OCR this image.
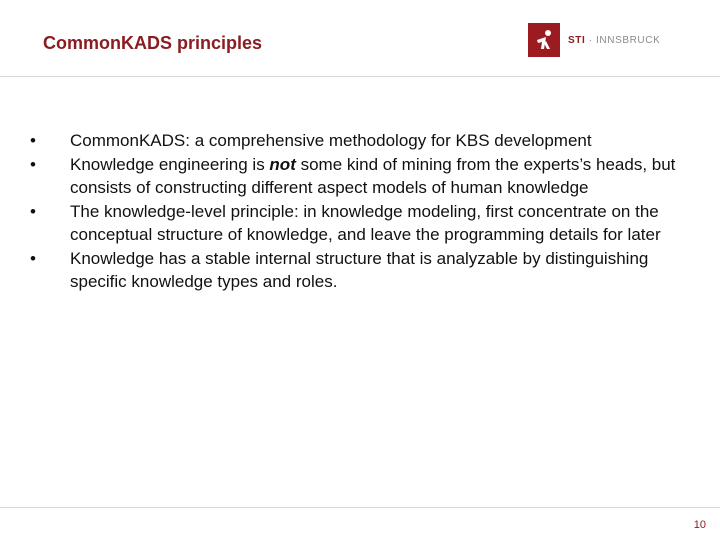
CommonKADS principles	STI · INNSBRUCK
• CommonKADS: a comprehensive methodology for KBS development
• Knowledge engineering is not some kind of mining from the experts’s heads, but consists of constructing different aspect models of human knowledge
• The knowledge-level principle: in knowledge modeling, first concentrate on the conceptual structure of knowledge, and leave the programming details for later
• Knowledge has a stable internal structure that is analyzable by distinguishing specific knowledge types and roles.
10
